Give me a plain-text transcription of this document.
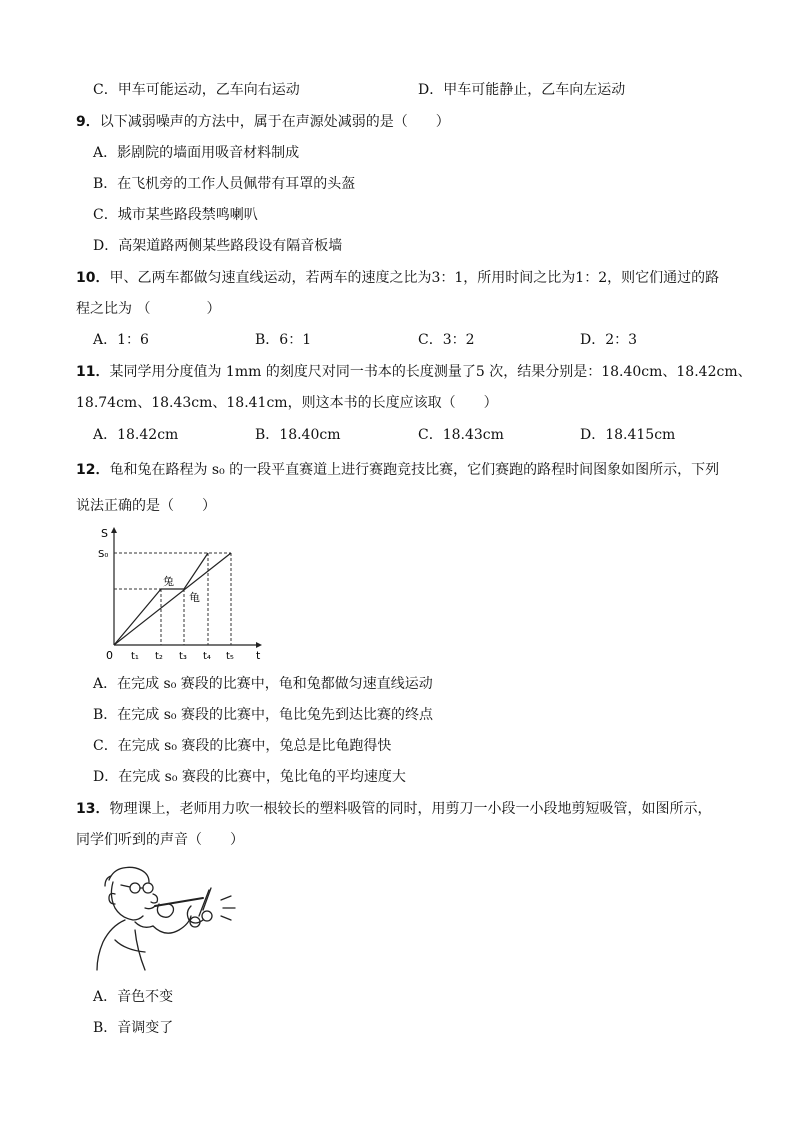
C．甲车可能运动，乙车向右运动	D．甲车可能静止，乙车向左运动
9．以下减弱噪声的方法中，属于在声源处减弱的是（　　）
A．影剧院的墙面用吸音材料制成
B．在飞机旁的工作人员佩带有耳罩的头盔
C．城市某些路段禁鸣喇叭
D．高架道路两侧某些路段设有隔音板墙
10．甲、乙两车都做匀速直线运动，若两车的速度之比为3：1，所用时间之比为1：2，则它们通过的路
程之比为 （　　　　）
A．1：6	B．6：1	C．3：2	D．2：3
11．某同学用分度值为 1mm 的刻度尺对同一书本的长度测量了5 次，结果分别是：18.40cm、18.42cm、
18.74cm、18.43cm、18.41cm，则这本书的长度应该取（　　）
A．18.42cm	B．18.40cm	C．18.43cm	D．18.415cm
12．龟和兔在路程为 s₀ 的一段平直赛道上进行赛跑竞技比赛，它们赛跑的路程时间图象如图所示，下列
说法正确的是（　　）
S
S₀
t
0 t₁ t₂ t₃ t₄ t₅
兔
龟
A．在完成 s₀ 赛段的比赛中，龟和兔都做匀速直线运动
B．在完成 s₀ 赛段的比赛中，龟比兔先到达比赛的终点
C．在完成 s₀ 赛段的比赛中，兔总是比龟跑得快
D．在完成 s₀ 赛段的比赛中，兔比龟的平均速度大
13．物理课上，老师用力吹一根较长的塑料吸管的同时，用剪刀一小段一小段地剪短吸管，如图所示，
同学们听到的声音（　　）
A．音色不变
B．音调变了
